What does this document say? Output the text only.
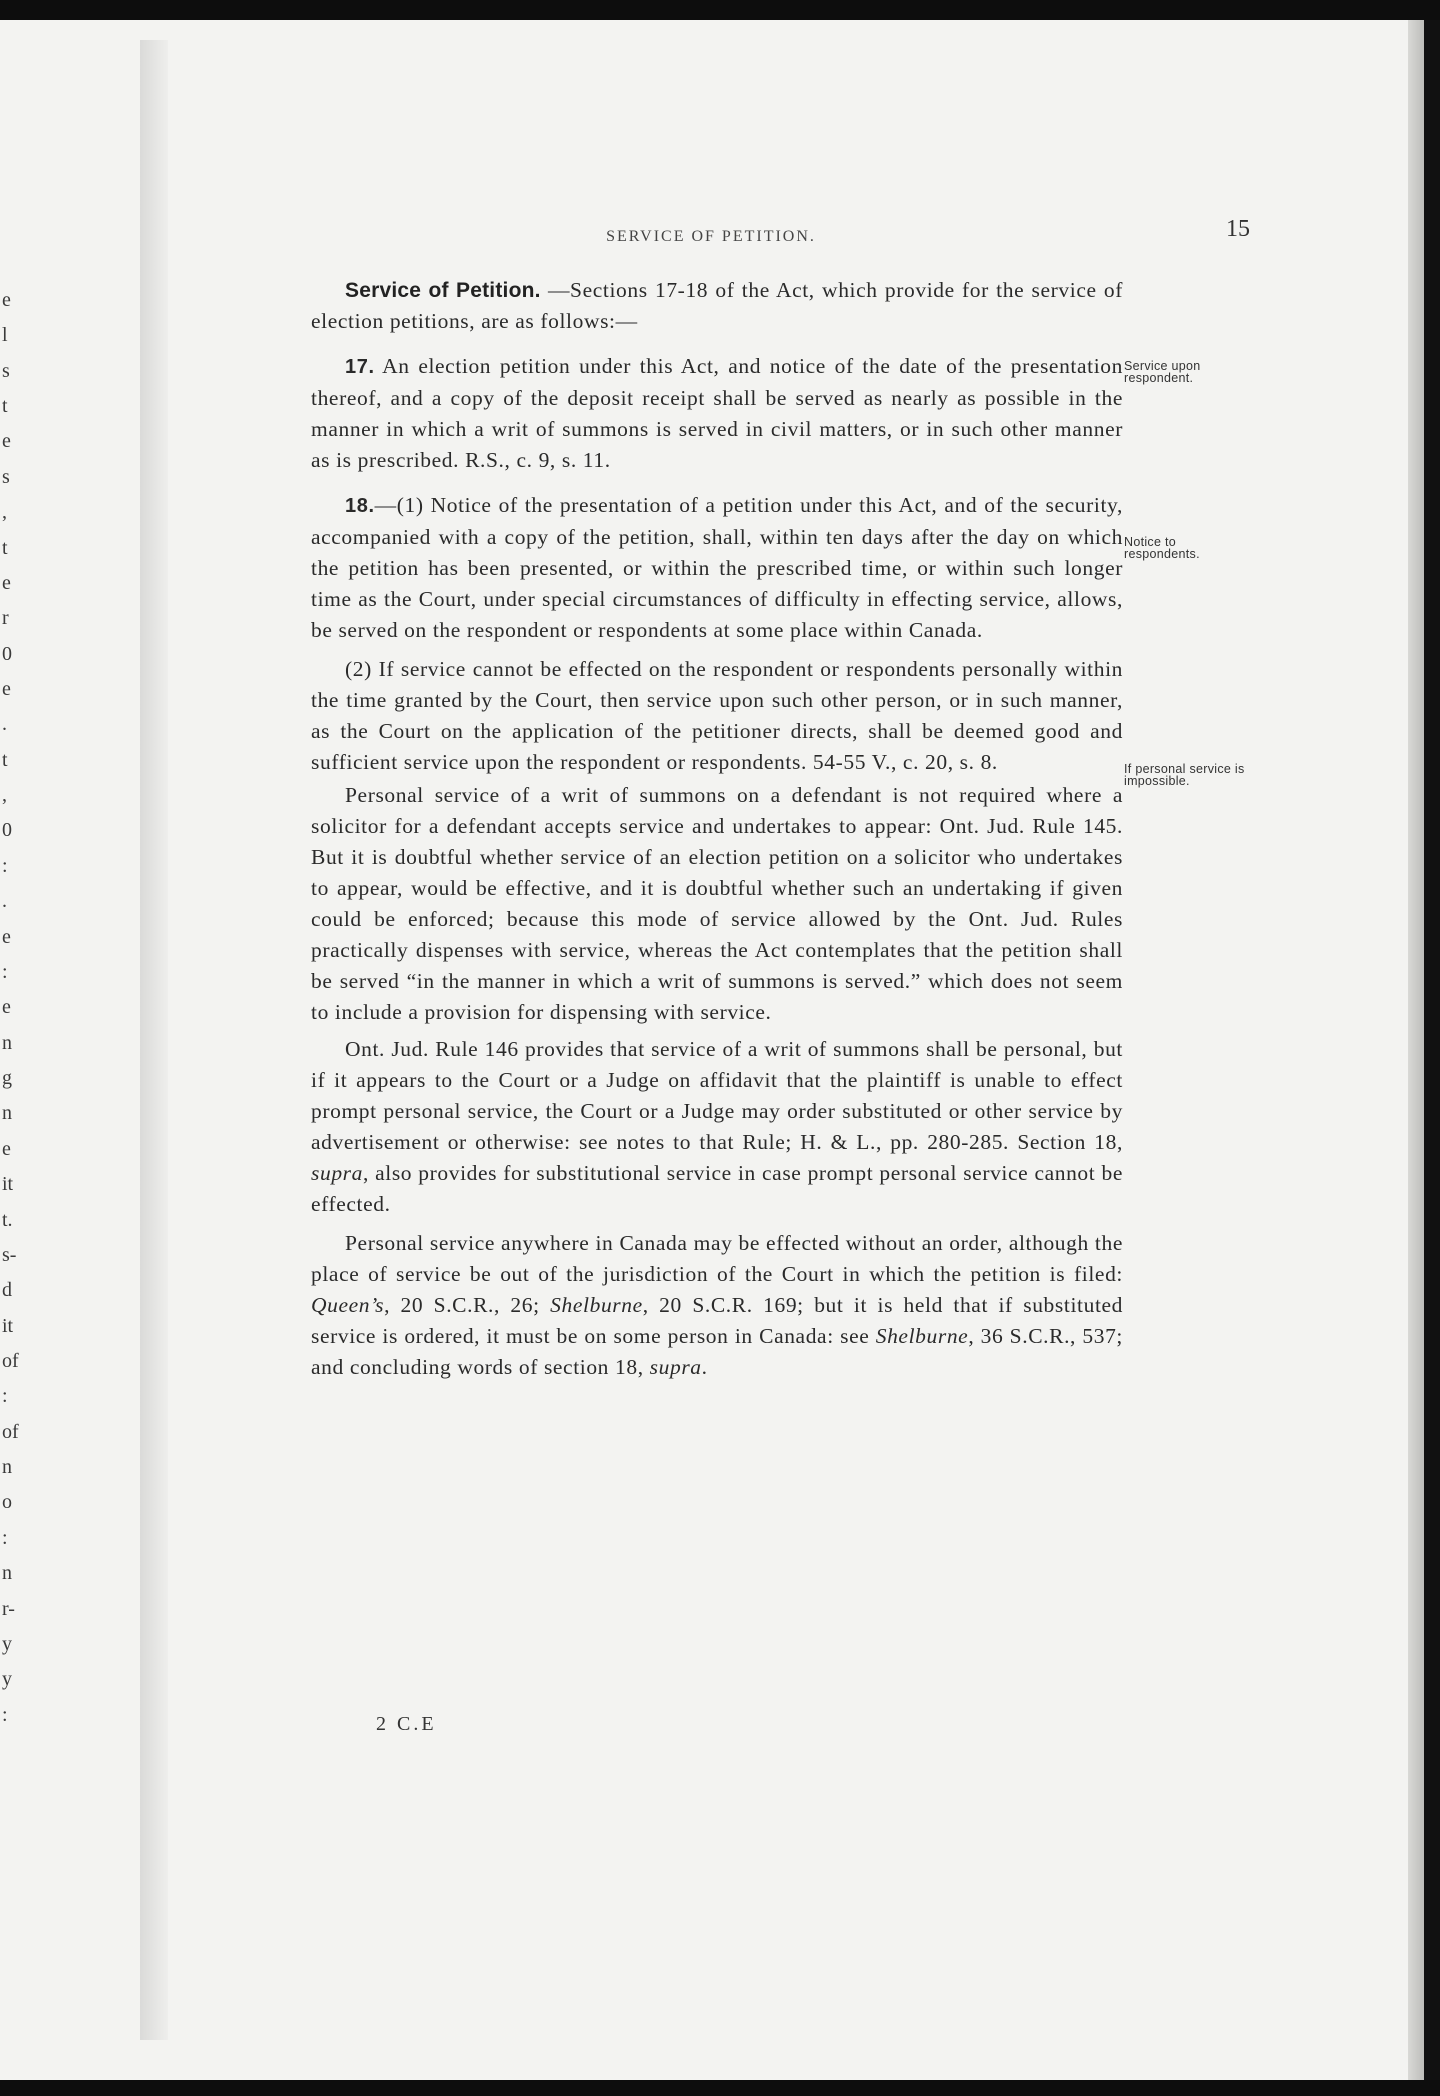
e
l
s
t
e
s
,
t
e
r
0
e
.
t
,
0
:
.
e
:
e
n
g
n
e
it
t.
s-
d
it
of
:
of
n
o
:
n
r-
y
y
:
SERVICE OF PETITION.	15

Service of Petition. —Sections 17-18 of the Act, which provide for the service of election petitions, are as follows:—

17. An election petition under this Act, and notice of the date of the presentation thereof, and a copy of the deposit receipt shall be served as nearly as possible in the manner in which a writ of summons is served in civil matters, or in such other manner as is prescribed. R.S., c. 9, s. 11.

18.—(1) Notice of the presentation of a petition under this Act, and of the security, accompanied with a copy of the petition, shall, within ten days after the day on which the petition has been presented, or within the prescribed time, or within such longer time as the Court, under special circumstances of difficulty in effecting service, allows, be served on the respondent or respondents at some place within Canada.

(2) If service cannot be effected on the respondent or respondents personally within the time granted by the Court, then service upon such other person, or in such manner, as the Court on the application of the petitioner directs, shall be deemed good and sufficient service upon the respondent or respondents. 54-55 V., c. 20, s. 8.

Personal service of a writ of summons on a defendant is not required where a solicitor for a defendant accepts service and undertakes to appear: Ont. Jud. Rule 145. But it is doubtful whether service of an election petition on a solicitor who undertakes to appear, would be effective, and it is doubtful whether such an undertaking if given could be enforced; because this mode of service allowed by the Ont. Jud. Rules practically dispenses with service, whereas the Act contemplates that the petition shall be served “in the manner in which a writ of summons is served.” which does not seem to include a provision for dispensing with service.

Ont. Jud. Rule 146 provides that service of a writ of summons shall be personal, but if it appears to the Court or a Judge on affidavit that the plaintiff is unable to effect prompt personal service, the Court or a Judge may order substituted or other service by advertisement or otherwise: see notes to that Rule; H. & L., pp. 280-285. Section 18, supra, also provides for substitutional service in case prompt personal service cannot be effected.

Personal service anywhere in Canada may be effected without an order, although the place of service be out of the jurisdiction of the Court in which the petition is filed: Queen’s, 20 S.C.R., 26; Shelburne, 20 S.C.R. 169; but it is held that if substituted service is ordered, it must be on some person in Canada: see Shelburne, 36 S.C.R., 537; and concluding words of section 18, supra.

Service upon respondent.
Notice to respondents.
If personal service is impossible.
2 C.E
